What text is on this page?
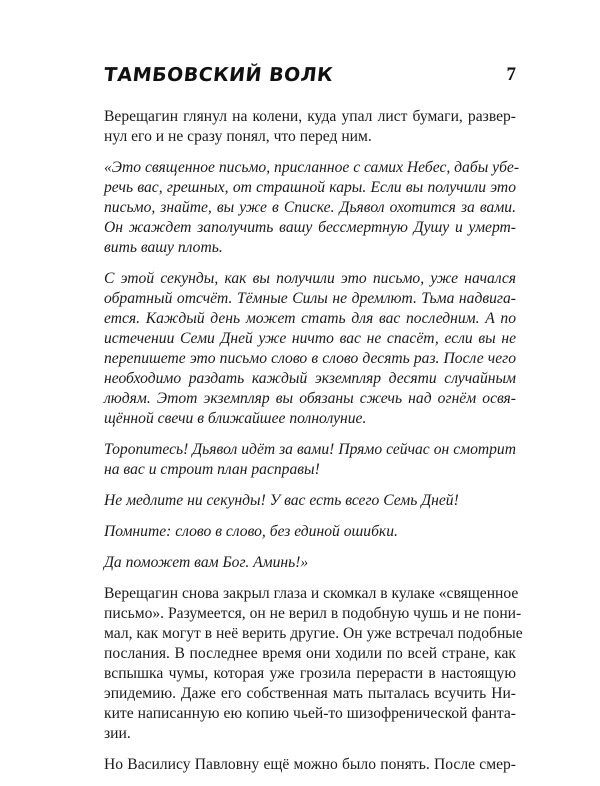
ТАМБОВСКИЙ ВОЛК	7

Верещагин глянул на колени, куда упал лист бумаги, развер-
нул его и не сразу понял, что перед ним.

«Это священное письмо, присланное с самих Небес, дабы убе-
речь вас, грешных, от страшной кары. Если вы получили это
письмо, знайте, вы уже в Списке. Дьявол охотится за вами.
Он жаждет заполучить вашу бессмертную Душу и умерт-
вить вашу плоть.

С этой секунды, как вы получили это письмо, уже начался
обратный отсчёт. Тёмные Силы не дремлют. Тьма надвига-
ется. Каждый день может стать для вас последним. А по
истечении Семи Дней уже ничто вас не спасёт, если вы не
перепишете это письмо слово в слово десять раз. После чего
необходимо раздать каждый экземпляр десяти случайным
людям. Этот экземпляр вы обязаны сжечь над огнём освя-
щённой свечи в ближайшее полнолуние.

Торопитесь! Дьявол идёт за вами! Прямо сейчас он смотрит
на вас и строит план расправы!

Не медлите ни секунды! У вас есть всего Семь Дней!

Помните: слово в слово, без единой ошибки.

Да поможет вам Бог. Аминь!»

Верещагин снова закрыл глаза и скомкал в кулаке «священное
письмо». Разумеется, он не верил в подобную чушь и не пони-
мал, как могут в неё верить другие. Он уже встречал подобные
послания. В последнее время они ходили по всей стране, как
вспышка чумы, которая уже грозила перерасти в настоящую
эпидемию. Даже его собственная мать пыталась всучить Ни-
ките написанную ею копию чьей-то шизофренической фанта-
зии.

Но Василису Павловну ещё можно было понять. После смер-
